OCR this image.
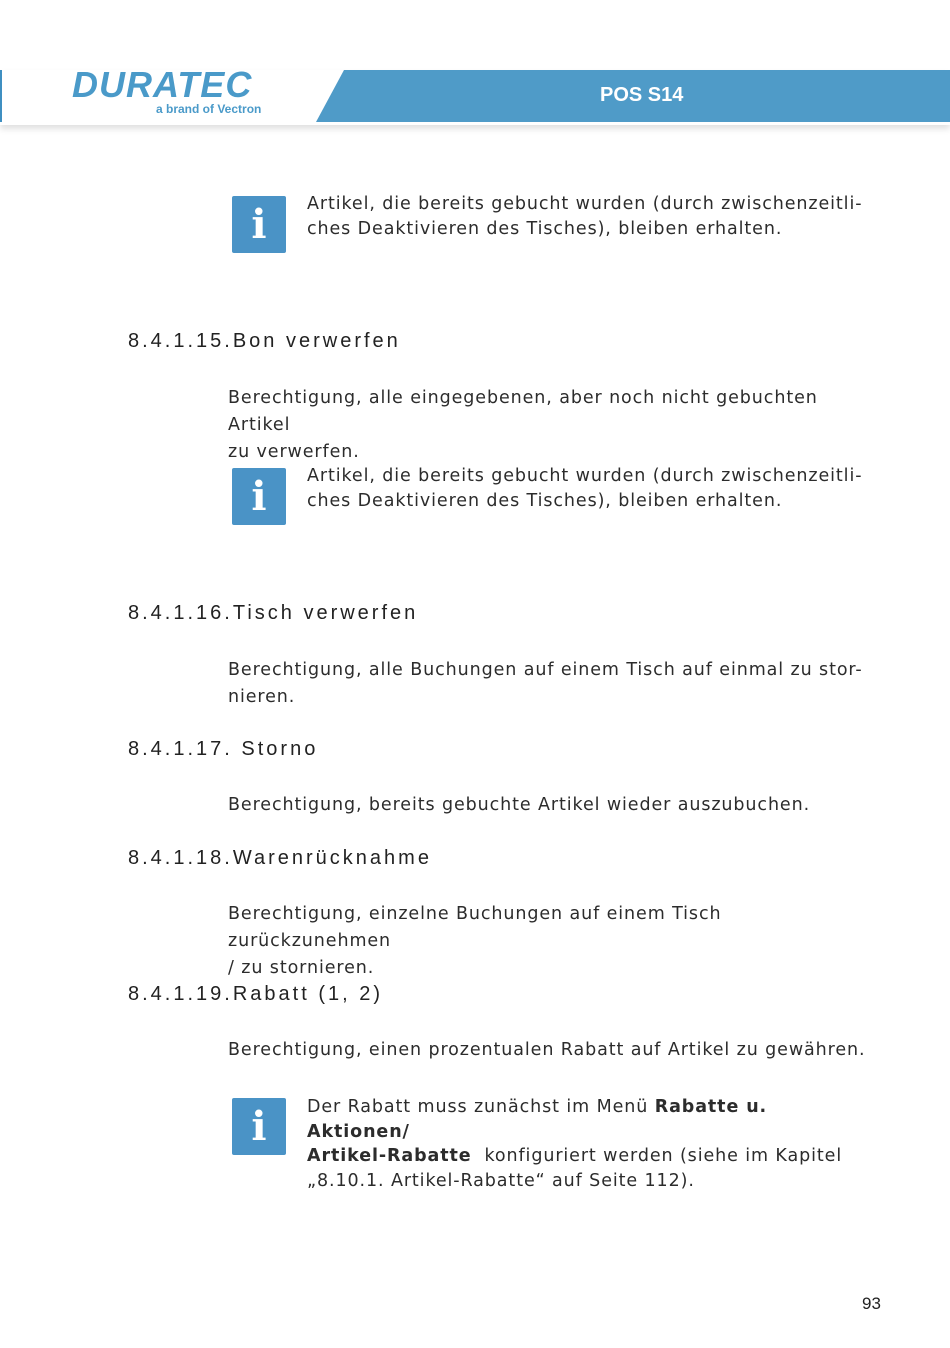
DURATEC
a brand of Vectron
POS S14
i	Artikel, die bereits gebucht wurden (durch zwischenzeitli-
ches Deaktivieren des Tisches), bleiben erhalten.
8.4.1.15.Bon verwerfen
Berechtigung, alle eingegebenen, aber noch nicht gebuchten Artikel
zu verwerfen.
i	Artikel, die bereits gebucht wurden (durch zwischenzeitli-
ches Deaktivieren des Tisches), bleiben erhalten.
8.4.1.16.Tisch verwerfen
Berechtigung, alle Buchungen auf einem Tisch auf einmal zu stor-
nieren.
8.4.1.17. Storno
Berechtigung, bereits gebuchte Artikel wieder auszubuchen.
8.4.1.18.Warenrücknahme
Berechtigung, einzelne Buchungen auf einem Tisch zurückzunehmen
/ zu stornieren.
8.4.1.19.Rabatt (1, 2)
Berechtigung, einen prozentualen Rabatt auf Artikel zu gewähren.
i	Der Rabatt muss zunächst im Menü Rabatte u. Aktionen/
Artikel-Rabatte  konfiguriert werden (siehe im Kapitel
„8.10.1. Artikel-Rabatte“ auf Seite 112).
93
